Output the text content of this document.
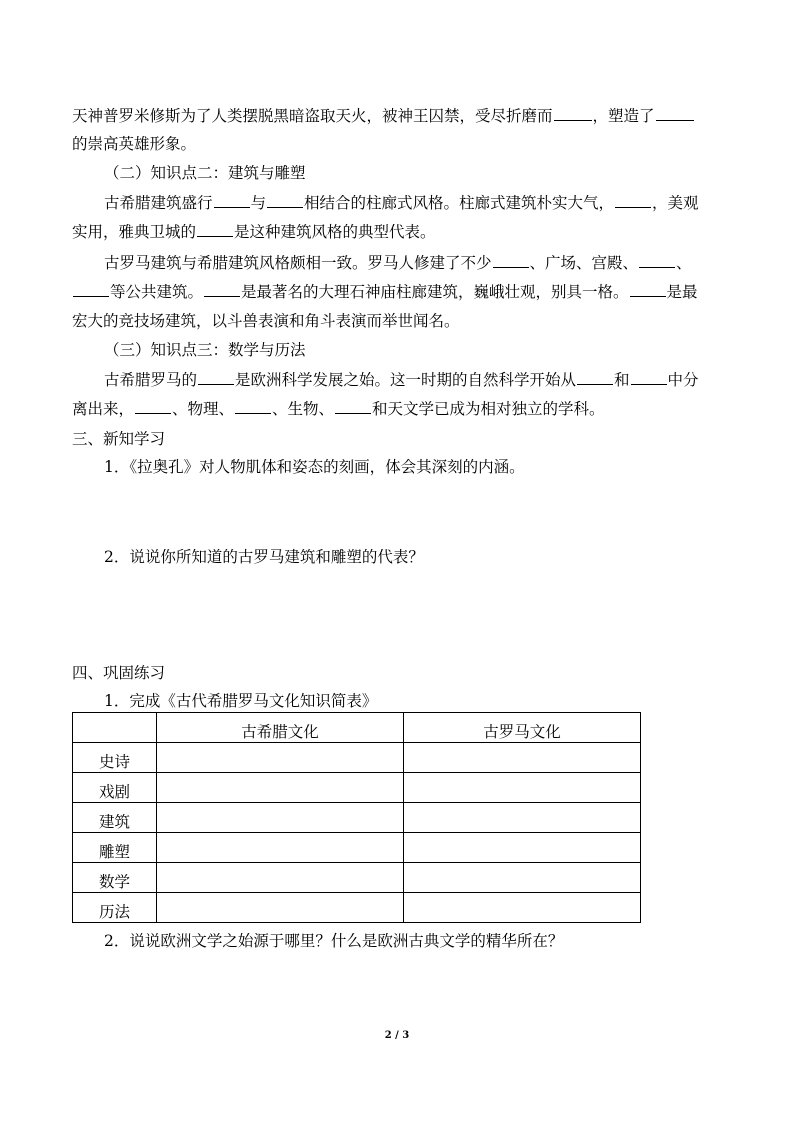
天神普罗米修斯为了人类摆脱黑暗盗取天火，被神王囚禁，受尽折磨而	，塑造了
的崇高英雄形象。
（二）知识点二：建筑与雕塑
古希腊建筑盛行 与 相结合的柱廊式风格。柱廊式建筑朴实大气， ，美观
实用，雅典卫城的 是这种建筑风格的典型代表。
古罗马建筑与希腊建筑风格颇相一致。罗马人修建了不少 、广场、宫殿、 、
等公共建筑。 是最著名的大理石神庙柱廊建筑，巍峨壮观，别具一格。 是最
宏大的竞技场建筑，以斗兽表演和角斗表演而举世闻名。
（三）知识点三：数学与历法
古希腊罗马的 是欧洲科学发展之始。这一时期的自然科学开始从 和 中分
离出来， 、物理、 、生物、 和天文学已成为相对独立的学科。
三、新知学习
1．《拉奥孔》对人物肌体和姿态的刻画，体会其深刻的内涵。
2．说说你所知道的古罗马建筑和雕塑的代表？
四、巩固练习
1．完成《古代希腊罗马文化知识简表》
	古希腊文化	古罗马文化
史诗		
戏剧		
建筑		
雕塑		
数学		
历法		
2．说说欧洲文学之始源于哪里？什么是欧洲古典文学的精华所在？
2 / 3
